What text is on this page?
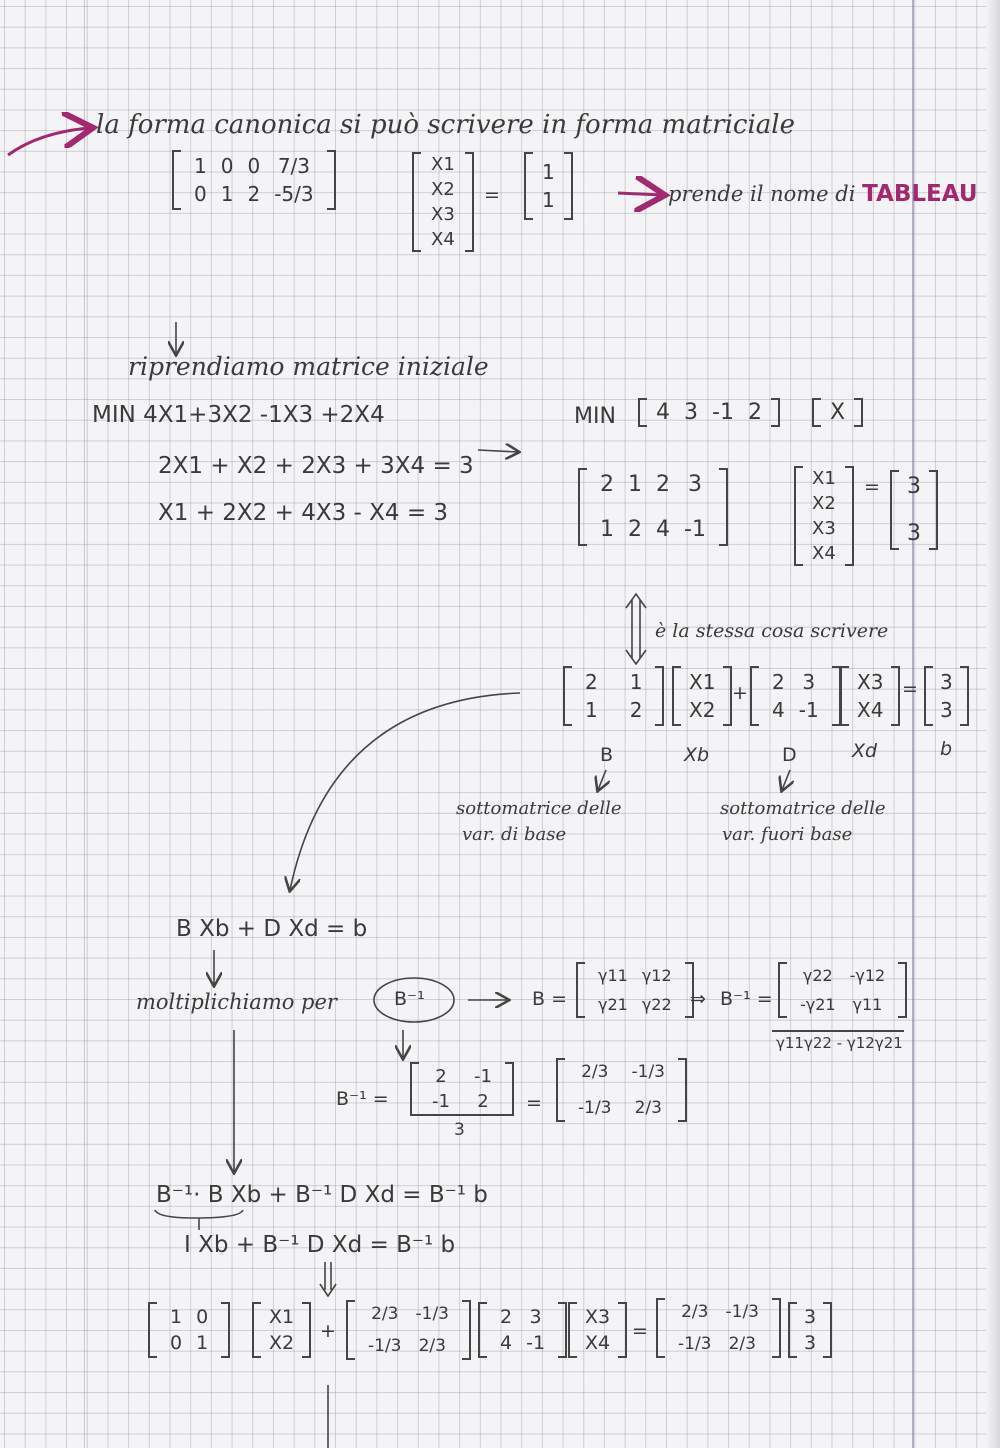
la forma canonica si può scrivere in forma matriciale
1 0 0 7/3
0 1 2 -5/3
X1
X2
X3
X4
=
1
1	prende il nome di TABLEAU
riprendiamo matrice iniziale
MIN 4X1+3X2 -1X3 +2X4
2X1 + X2 + 2X3 + 3X4 = 3
X1 + 2X2 + 4X3 - X4 = 3
MIN	4 3 -1 2	X
2 1 2 3
1 2 4 -1
X1
X2
X3
X4
=	3
3
è la stessa cosa scrivere
2	1
1	2
X1
X2
+	2 3
4 -1
X3
X4
=	3
3
B	Xb	D	Xd	b
sottomatrice delle
var. di base
sottomatrice delle
var. fuori base
B Xb + D Xd = b
moltiplichiamo per	B⁻¹	B =
γ11 γ12
γ21 γ22 ⇒ B⁻¹ =
γ22	-γ12
-γ21	γ11
γ11γ22 - γ12γ21
B⁻¹ =
2	-1
-1	2
3
=
2/3	-1/3
-1/3	2/3
B⁻¹· B Xb + B⁻¹ D Xd = B⁻¹ b
I Xb + B⁻¹ D Xd = B⁻¹ b
1 0
0 1
X1
X2
+
2/3	-1/3
-1/3	2/3
2 3
4 -1
X3
X4
=
2/3	-1/3
-1/3	2/3
3
3
